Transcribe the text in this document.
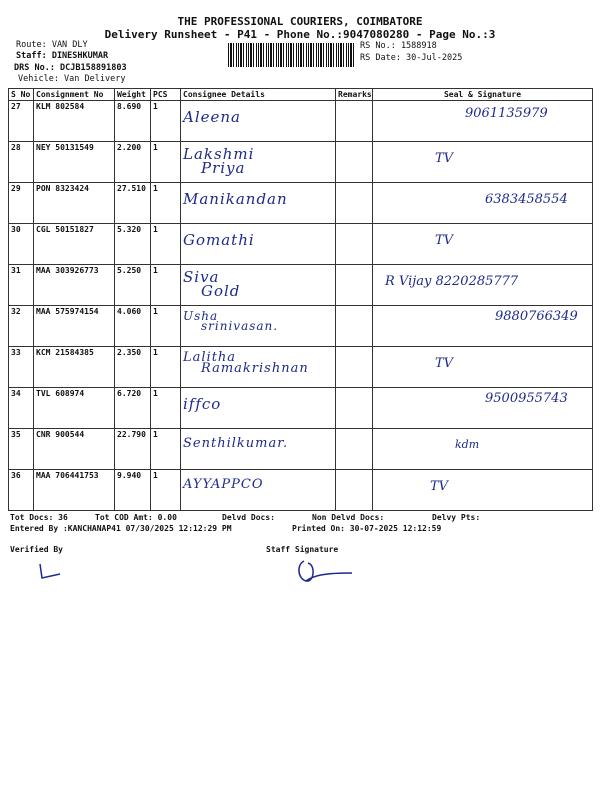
THE PROFESSIONAL COURIERS, COIMBATORE
Delivery Runsheet - P41 - Phone No.:9047080280 - Page No.:3
Route: VAN DLY
Staff: DINESHKUMAR
DRS No.: DCJB158891803
Vehicle: Van Delivery
RS No.: 1588918
RS Date: 30-Jul-2025
S No	Consignment No	Weight	PCS	Consignee Details	Remarks	Seal & Signature
27	KLM 802584	8.690	1	Aleena		9061135979

28	NEY 50131549	2.200	1	Lakshmi
Priya		TV

29	PON 8323424	27.510	1	Manikandan		6383458554

30	CGL 50151827	5.320	1	Gomathi		TV

31	MAA 303926773	5.250	1	Siva
Gold		R Vijay 8220285777

32	MAA 575974154	4.060	1	Usha
srinivasan.		9880766349

33	KCM 21584385	2.350	1	Lalitha
Ramakrishnan		TV

34	TVL 608974	6.720	1	iffco		9500955743

35	CNR 900544	22.790	1	Senthilkumar.		kdm

36	MAA 706441753	9.940	1	AYYAPPCO		TV
Tot Docs: 36	Tot COD Amt: 0.00	Delvd Docs:	Non Delvd Docs:	Delvy Pts:
Entered By :KANCHANAP41 07/30/2025 12:12:29 PM	Printed On: 30-07-2025 12:12:59
Verified By	Staff Signature
